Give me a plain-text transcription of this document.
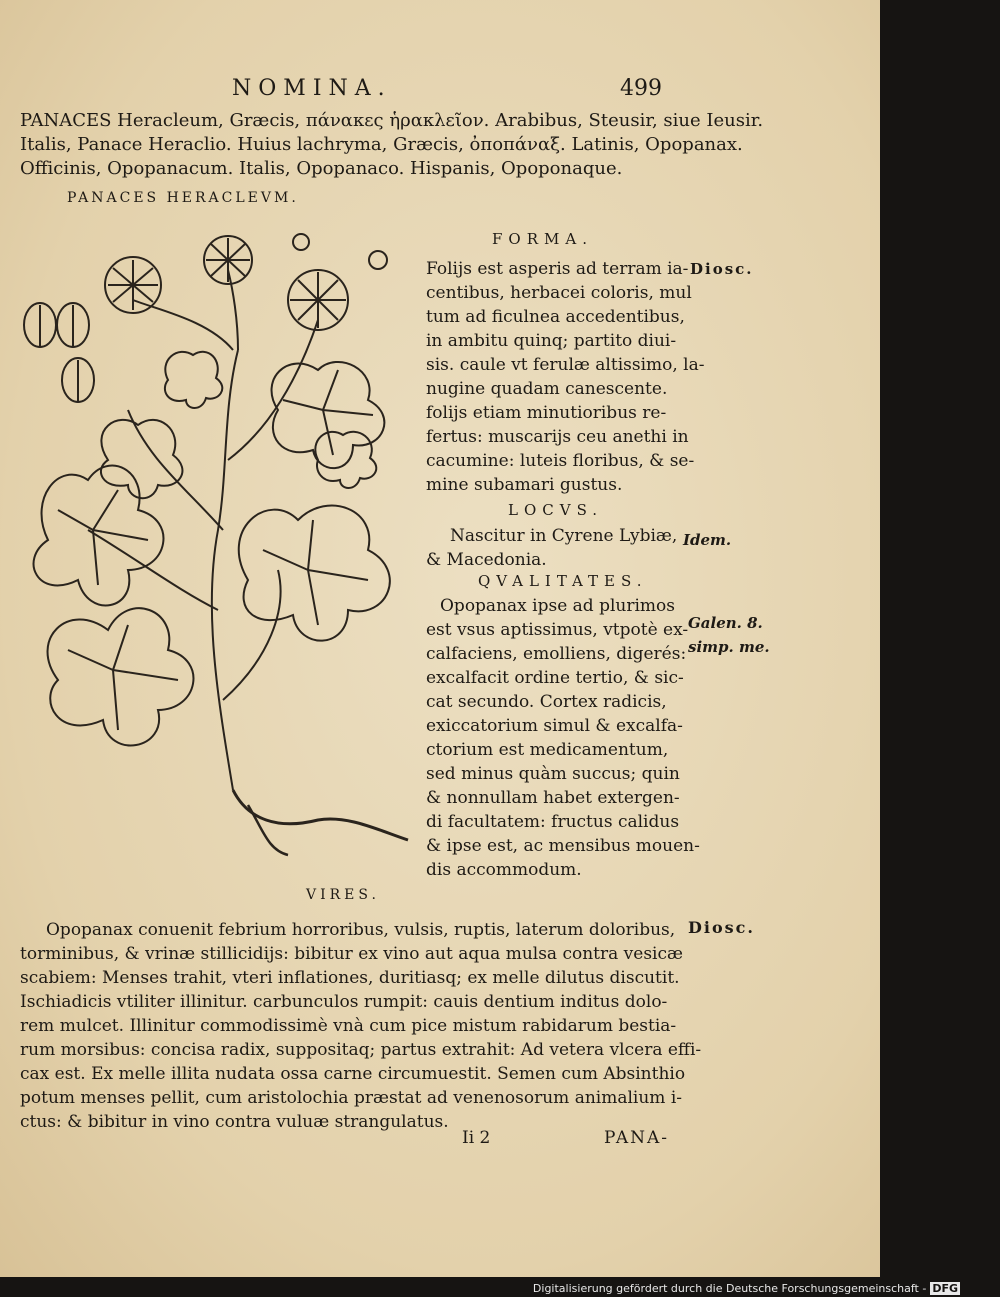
NOMINA.	499
PANACES Heracleum, Græcis, πάνακες ἡρακλεῖον. Arabibus, Steusir, siue Ieusir.
Italis, Panace Heraclio. Huius lachryma, Græcis, ὀποπάναξ. Latinis, Opopanax.
Officinis, Opopanacum. Italis, Opopanaco. Hispanis, Opoponaque.
PANACES HERACLEVM.
FORMA.
Folijs est asperis ad terram ia-
centibus, herbacei coloris, mul
tum ad ficulnea accedentibus,
in ambitu quinq; partito diui-
sis. caule vt ferulæ altissimo, la-
nugine quadam canescente.
folijs etiam minutioribus re-
fertus: muscarijs ceu anethi in
cacumine: luteis floribus, & se-
mine subamari gustus.
LOCVS.
Nascitur in Cyrene Lybiæ,
& Macedonia.
QVALITATES.
Opopanax ipse ad plurimos
est vsus aptissimus, vtpotè ex-
calfaciens, emolliens, digerés:
excalfacit ordine tertio, & sic-
cat secundo. Cortex radicis,
exiccatorium simul & excalfa-
ctorium est medicamentum,
sed minus quàm succus; quin
& nonnullam habet extergen-
di facultatem: fructus calidus
& ipse est, ac mensibus mouen-
dis accommodum.
Diosc.
Idem.
Galen. 8.
simp. me.
Diosc.
VIRES.
Opopanax conuenit febrium horroribus, vulsis, ruptis, laterum doloribus,
torminibus, & vrinæ stillicidijs: bibitur ex vino aut aqua mulsa contra vesicæ
scabiem: Menses trahit, vteri inflationes, duritiasq; ex melle dilutus discutit.
Ischiadicis vtiliter illinitur. carbunculos rumpit: cauis dentium inditus dolo-
rem mulcet. Illinitur commodissimè vnà cum pice mistum rabidarum bestia-
rum morsibus: concisa radix, suppositaq; partus extrahit: Ad vetera vlcera effi-
cax est. Ex melle illita nudata ossa carne circumuestit. Semen cum Absinthio
potum menses pellit, cum aristolochia præstat ad venenosorum animalium i-
ctus: & bibitur in vino contra vuluæ strangulatus.
Ii 2	PANA-
Digitalisierung gefördert durch die Deutsche Forschungsgemeinschaft - DFG
